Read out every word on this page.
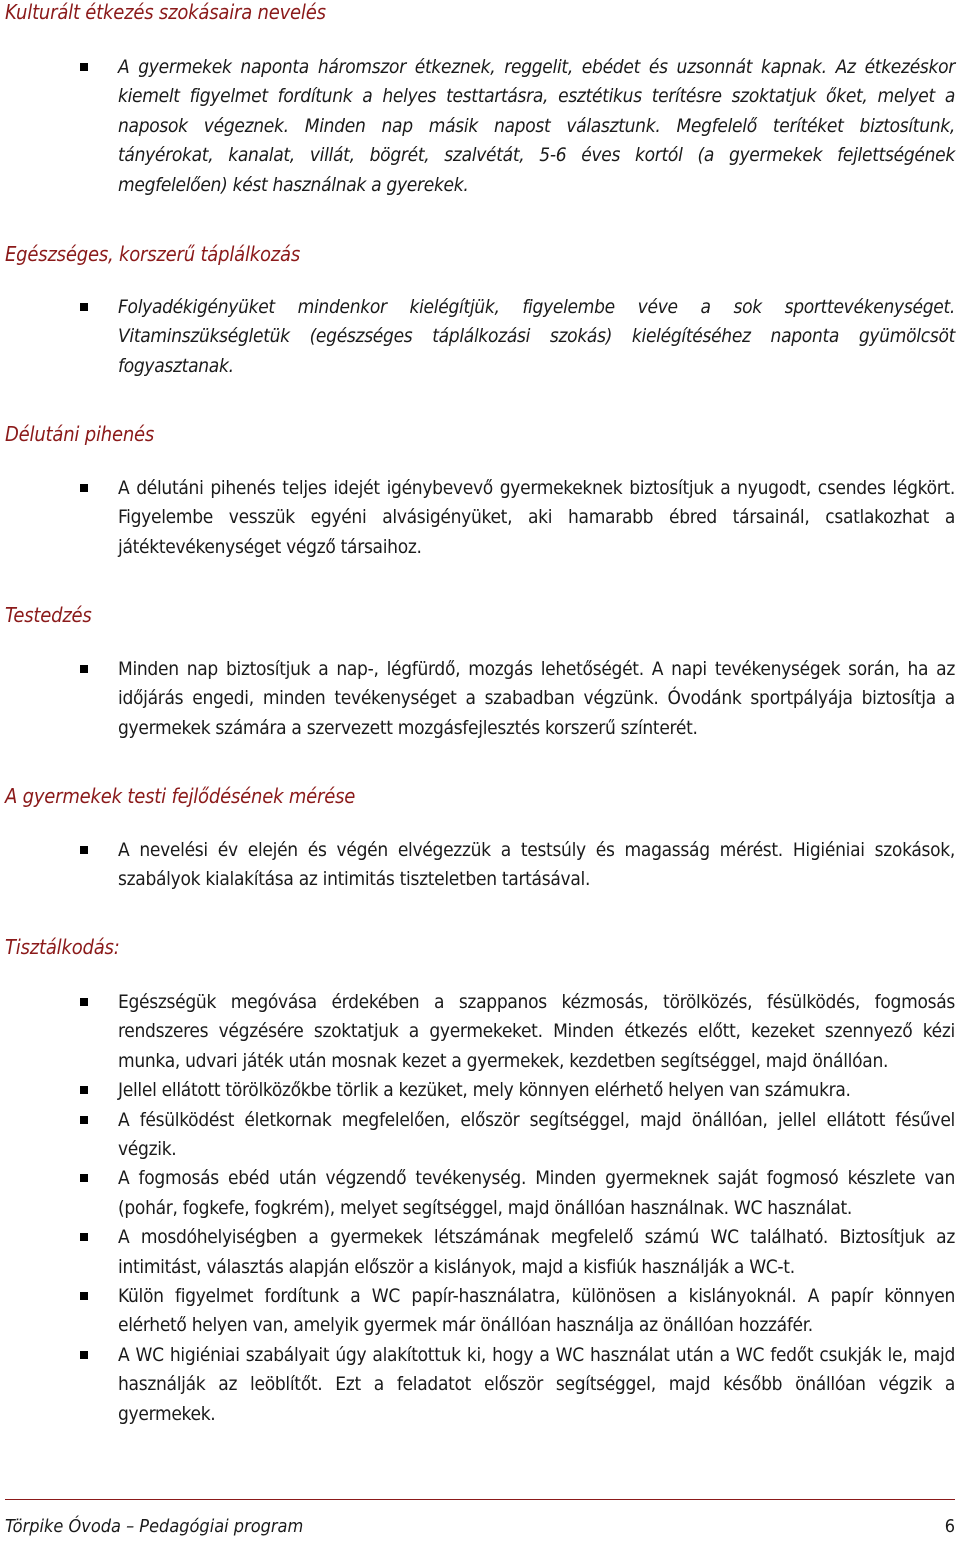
Kulturált étkezés szokásaira nevelés
A gyermekek naponta háromszor étkeznek, reggelit, ebédet és uzsonnát kapnak. Az étkezéskor kiemelt figyelmet fordítunk a helyes testtartásra, esztétikus terítésre szoktatjuk őket, melyet a naposok végeznek. Minden nap másik napost választunk. Megfelelő terítéket biztosítunk, tányérokat, kanalat, villát, bögrét, szalvétát, 5-6 éves kortól (a gyermekek fejlettségének megfelelően) kést használnak a gyerekek.
Egészséges, korszerű táplálkozás
Folyadékigényüket mindenkor kielégítjük, figyelembe véve a sok sporttevékenységet. Vitaminszükségletük (egészséges táplálkozási szokás) kielégítéséhez naponta gyümölcsöt fogyasztanak.
Délutáni pihenés
A délutáni pihenés teljes idejét igénybevevő gyermekeknek biztosítjuk a nyugodt, csendes légkört. Figyelembe vesszük egyéni alvásigényüket, aki hamarabb ébred társainál, csatlakozhat a játéktevékenységet végző társaihoz.
Testedzés
Minden nap biztosítjuk a nap-, légfürdő, mozgás lehetőségét. A napi tevékenységek során, ha az időjárás engedi, minden tevékenységet a szabadban végzünk. Óvodánk sportpályája biztosítja a gyermekek számára a szervezett mozgásfejlesztés korszerű színterét.
A gyermekek testi fejlődésének mérése
A nevelési év elején és végén elvégezzük a testsúly és magasság mérést. Higiéniai szokások, szabályok kialakítása az intimitás tiszteletben tartásával.
Tisztálkodás:
Egészségük megóvása érdekében a szappanos kézmosás, törölközés, fésülködés, fogmosás rendszeres végzésére szoktatjuk a gyermekeket. Minden étkezés előtt, kezeket szennyező kézi munka, udvari játék után mosnak kezet a gyermekek, kezdetben segítséggel, majd önállóan.
Jellel ellátott törölközőkbe törlik a kezüket, mely könnyen elérhető helyen van számukra.
A fésülködést életkornak megfelelően, először segítséggel, majd önállóan, jellel ellátott fésűvel végzik.
A fogmosás ebéd után végzendő tevékenység. Minden gyermeknek saját fogmosó készlete van (pohár, fogkefe, fogkrém), melyet segítséggel, majd önállóan használnak. WC használat.
A mosdóhelyiségben a gyermekek létszámának megfelelő számú WC található. Biztosítjuk az intimitást, választás alapján először a kislányok, majd a kisfiúk használják a WC-t.
Külön figyelmet fordítunk a WC papír-használatra, különösen a kislányoknál. A papír könnyen elérhető helyen van, amelyik gyermek már önállóan használja az önállóan hozzáfér.
A WC higiéniai szabályait úgy alakítottuk ki, hogy a WC használat után a WC fedőt csukják le, majd használják az leöblítőt. Ezt a feladatot először segítséggel, majd később önállóan végzik a gyermekek.
Törpike Óvoda – Pedagógiai program	6
